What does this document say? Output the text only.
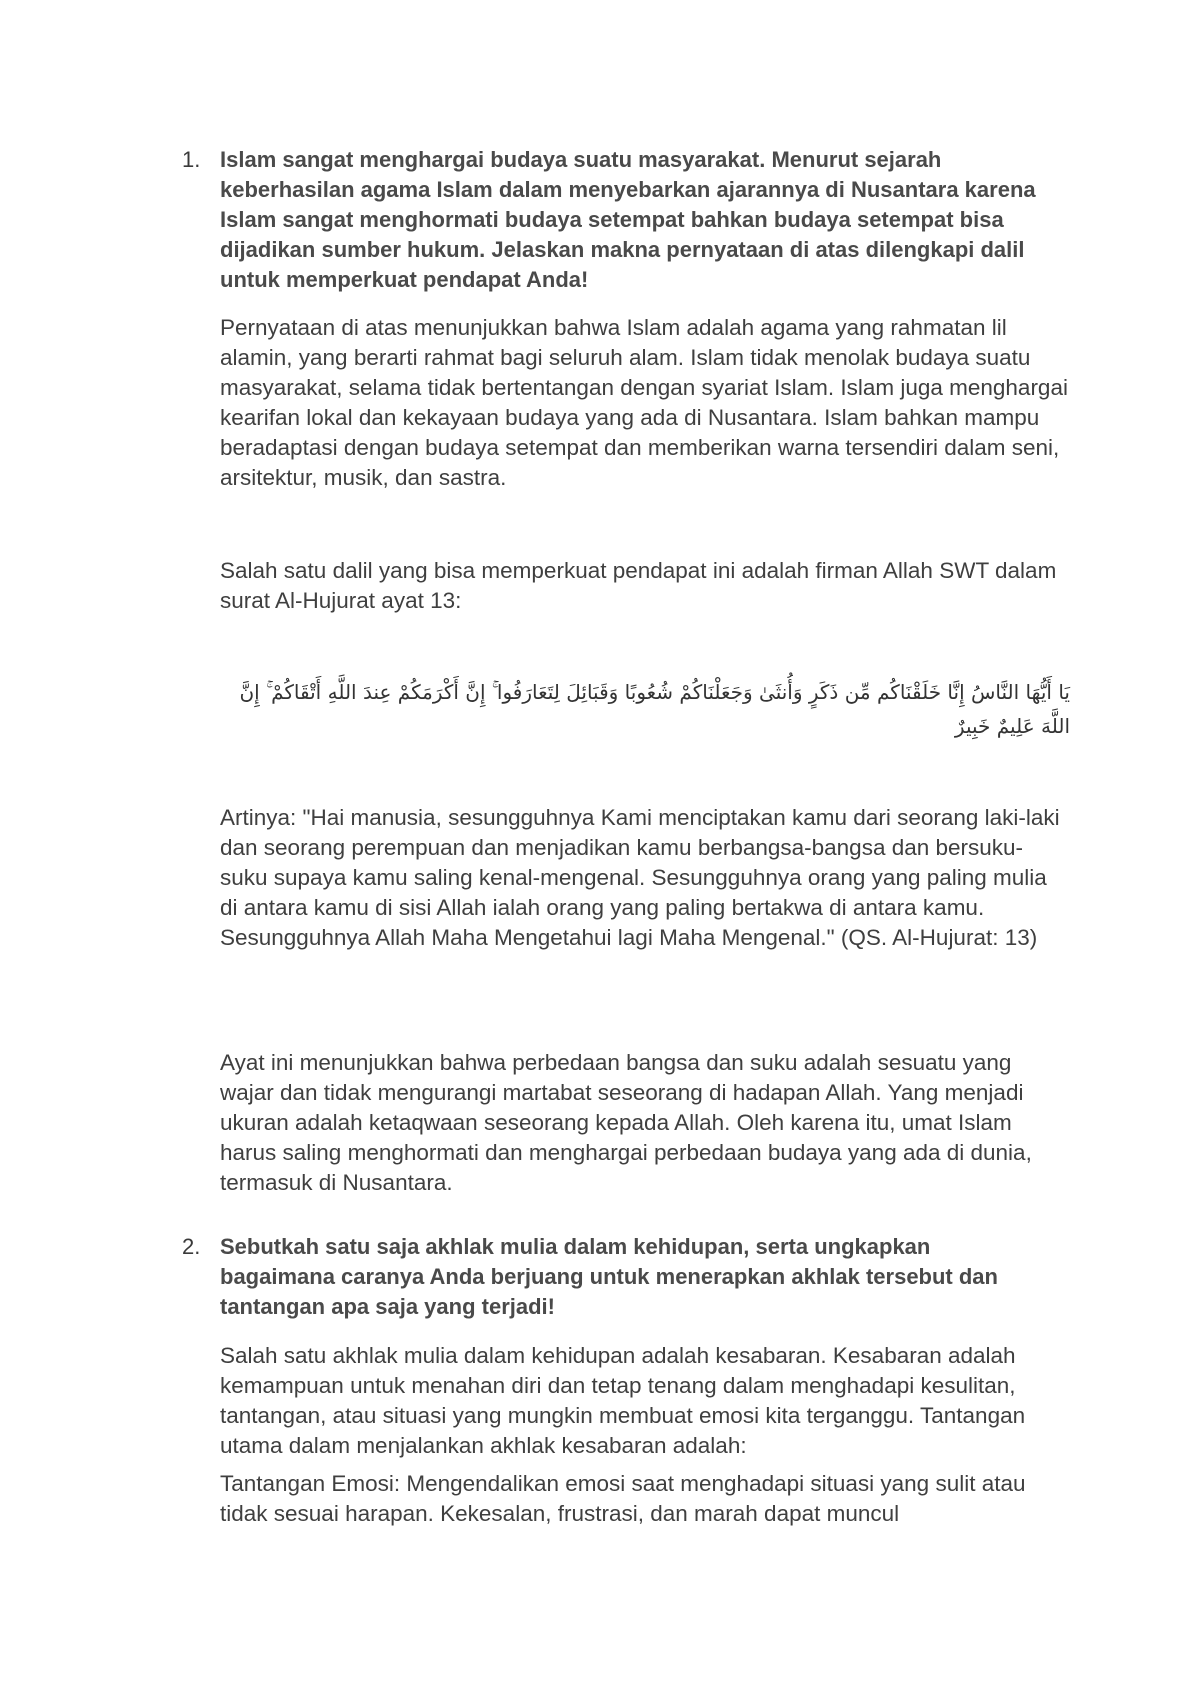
1. Islam sangat menghargai budaya suatu masyarakat. Menurut sejarah keberhasilan agama Islam dalam menyebarkan ajarannya di Nusantara karena Islam sangat menghormati budaya setempat bahkan budaya setempat bisa dijadikan sumber hukum. Jelaskan makna pernyataan di atas dilengkapi dalil untuk memperkuat pendapat Anda!

Pernyataan di atas menunjukkan bahwa Islam adalah agama yang rahmatan lil alamin, yang berarti rahmat bagi seluruh alam. Islam tidak menolak budaya suatu masyarakat, selama tidak bertentangan dengan syariat Islam. Islam juga menghargai kearifan lokal dan kekayaan budaya yang ada di Nusantara. Islam bahkan mampu beradaptasi dengan budaya setempat dan memberikan warna tersendiri dalam seni, arsitektur, musik, dan sastra.

Salah satu dalil yang bisa memperkuat pendapat ini adalah firman Allah SWT dalam surat Al-Hujurat ayat 13:

يَا أَيُّهَا النَّاسُ إِنَّا خَلَقْنَاكُم مِّن ذَكَرٍ وَأُنثَىٰ وَجَعَلْنَاكُمْ شُعُوبًا وَقَبَائِلَ لِتَعَارَفُوا ۚ إِنَّ أَكْرَمَكُمْ عِندَ اللَّهِ أَتْقَاكُمْ ۚ إِنَّ اللَّهَ عَلِيمٌ خَبِيرٌ

Artinya: "Hai manusia, sesungguhnya Kami menciptakan kamu dari seorang laki-laki dan seorang perempuan dan menjadikan kamu berbangsa-bangsa dan bersuku-suku supaya kamu saling kenal-mengenal. Sesungguhnya orang yang paling mulia di antara kamu di sisi Allah ialah orang yang paling bertakwa di antara kamu. Sesungguhnya Allah Maha Mengetahui lagi Maha Mengenal." (QS. Al-Hujurat: 13)

Ayat ini menunjukkan bahwa perbedaan bangsa dan suku adalah sesuatu yang wajar dan tidak mengurangi martabat seseorang di hadapan Allah. Yang menjadi ukuran adalah ketaqwaan seseorang kepada Allah. Oleh karena itu, umat Islam harus saling menghormati dan menghargai perbedaan budaya yang ada di dunia, termasuk di Nusantara.

2. Sebutkah satu saja akhlak mulia dalam kehidupan, serta ungkapkan bagaimana caranya Anda berjuang untuk menerapkan akhlak tersebut dan tantangan apa saja yang terjadi!

Salah satu akhlak mulia dalam kehidupan adalah kesabaran. Kesabaran adalah kemampuan untuk menahan diri dan tetap tenang dalam menghadapi kesulitan, tantangan, atau situasi yang mungkin membuat emosi kita terganggu. Tantangan utama dalam menjalankan akhlak kesabaran adalah:

Tantangan Emosi: Mengendalikan emosi saat menghadapi situasi yang sulit atau tidak sesuai harapan. Kekesalan, frustrasi, dan marah dapat muncul
